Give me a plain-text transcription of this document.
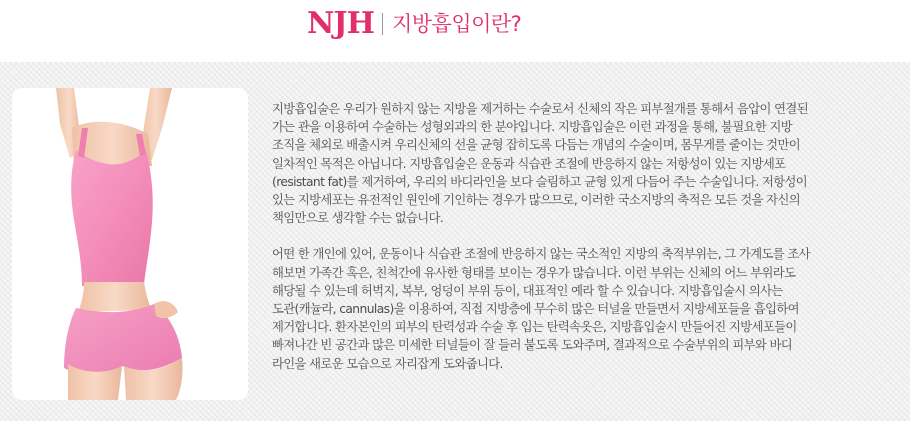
NJH 지방흡입이란?

지방흡입술은 우리가 원하지 않는 지방을 제거하는 수술로서 신체의 작은 피부절개를 통해서 음압이 연결된
가는 관을 이용하여 수술하는 성형외과의 한 분야입니다. 지방흡입술은 이런 과정을 통해, 불필요한 지방
조직을 체외로 배출시켜 우리신체의 선을 균형 잡히도록 다듬는 개념의 수술이며, 몸무게를 줄이는 것만이
일차적인 목적은 아닙니다. 지방흡입술은 운동과 식습관 조절에 반응하지 않는 저항성이 있는 지방세포
(resistant fat)를 제거하여, 우리의 바디라인을 보다 슬림하고 균형 있게 다듬어 주는 수술입니다. 저항성이
있는 지방세포는 유전적인 원인에 기인하는 경우가 많으므로, 이러한 국소지방의 축적은 모든 것을 자신의
책임만으로 생각할 수는 없습니다.

어떤 한 개인에 있어, 운동이나 식습관 조절에 반응하지 않는 국소적인 지방의 축적부위는, 그 가계도를 조사
해보면 가족간 혹은, 친척간에 유사한 형태를 보이는 경우가 많습니다. 이런 부위는 신체의 어느 부위라도
해당될 수 있는데 허벅지, 복부, 엉덩이 부위 등이, 대표적인 예라 할 수 있습니다. 지방흡입술시 의사는
도관(캐뉼라, cannulas)을 이용하여, 직접 지방층에 무수히 많은 터널을 만들면서 지방세포들을 흡입하여
제거합니다. 환자본인의 피부의 탄력성과 수술 후 입는 탄력속옷은, 지방흡입술시 만들어진 지방세포들이
빠져나간 빈 공간과 많은 미세한 터널들이 잘 들러 붙도록 도와주며, 결과적으로 수술부위의 피부와 바디
라인을 새로운 모습으로 자리잡게 도와줍니다.
